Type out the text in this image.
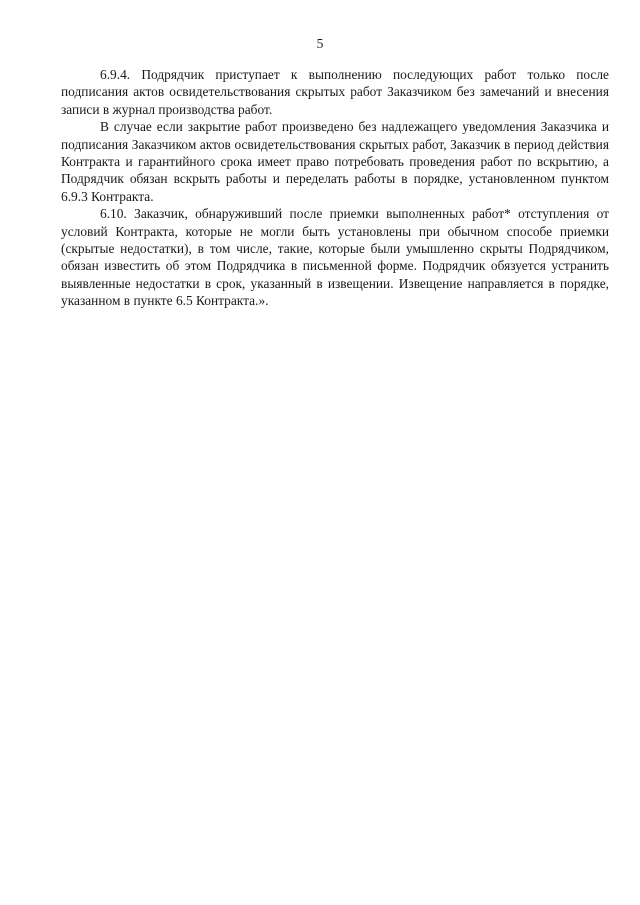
5

6.9.4. Подрядчик приступает к выполнению последующих работ только после подписания актов освидетельствования скрытых работ Заказчиком без замечаний и внесения записи в журнал производства работ.

В случае если закрытие работ произведено без надлежащего уведомления Заказчика и подписания Заказчиком актов освидетельствования скрытых работ, Заказчик в период действия Контракта и гарантийного срока имеет право потребовать проведения работ по вскрытию, а Подрядчик обязан вскрыть работы и переделать работы в порядке, установленном пунктом 6.9.3 Контракта.

6.10. Заказчик, обнаруживший после приемки выполненных работ* отступления от условий Контракта, которые не могли быть установлены при обычном способе приемки (скрытые недостатки), в том числе, такие, которые были умышленно скрыты Подрядчиком, обязан известить об этом Подрядчика в письменной форме. Подрядчик обязуется устранить выявленные недостатки в срок, указанный в извещении. Извещение направляется в порядке, указанном в пункте 6.5 Контракта.».
